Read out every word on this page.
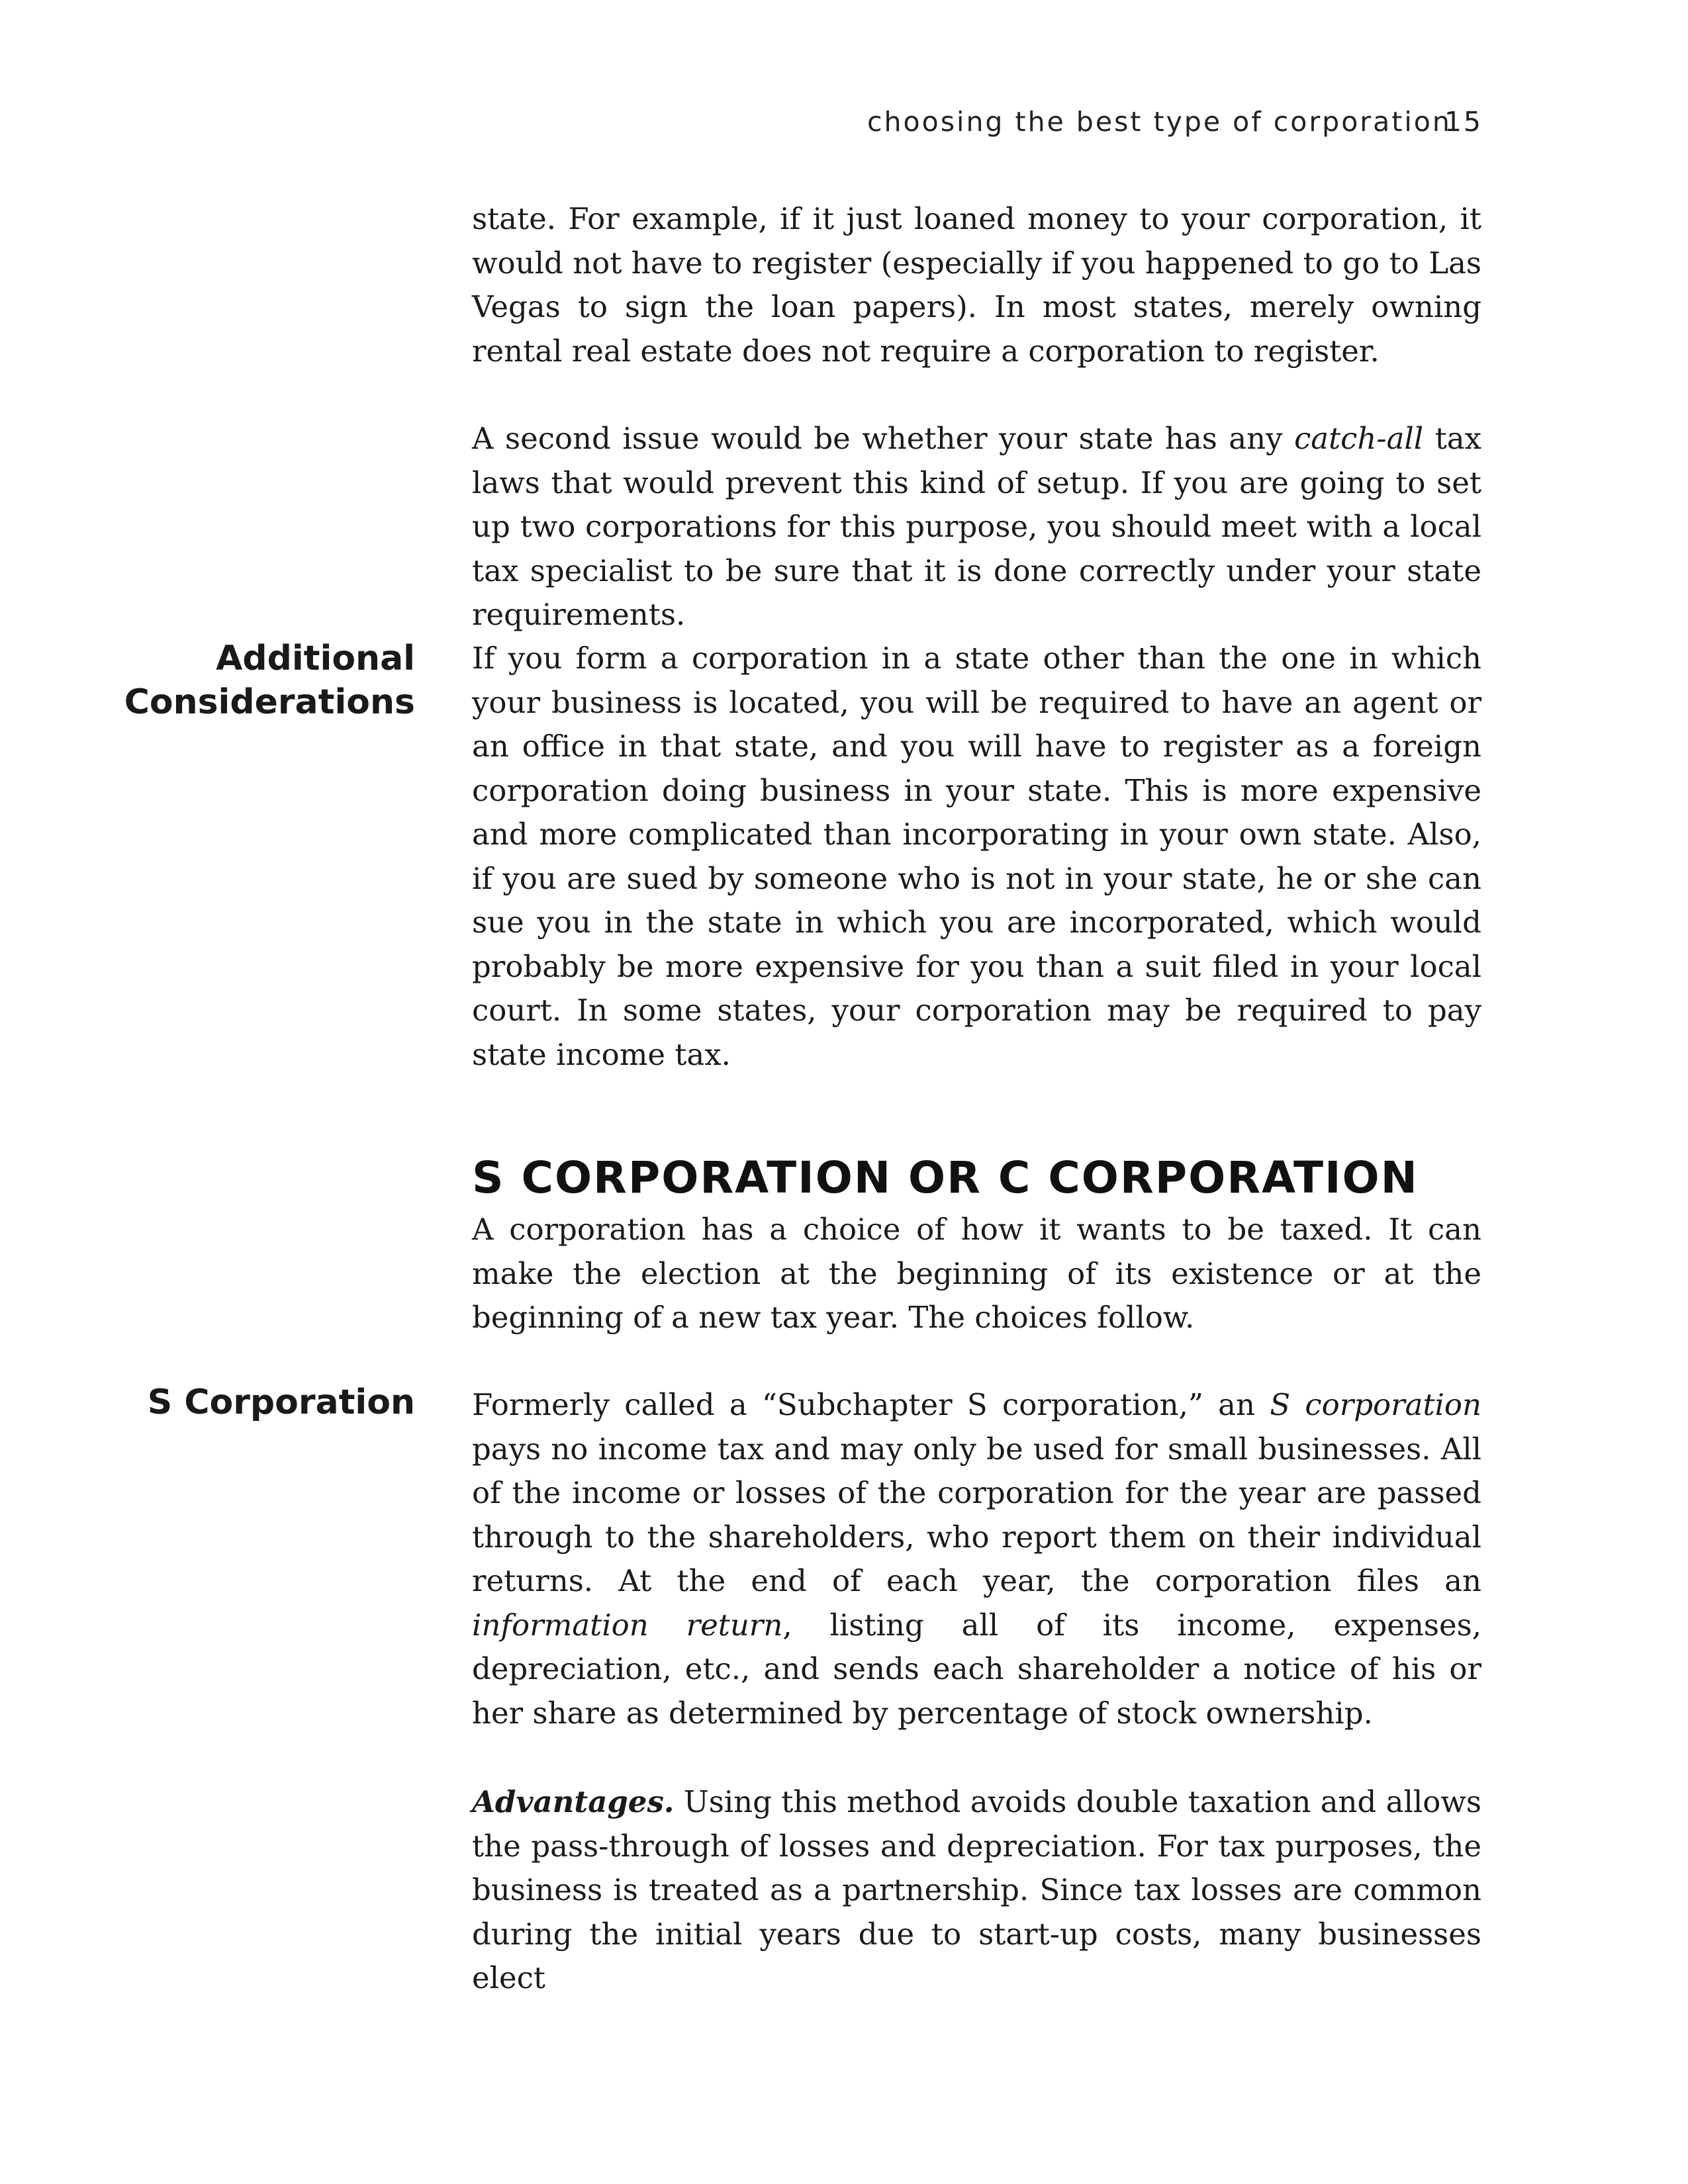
choosing the best type of corporation
15

state. For example, if it just loaned money to your corporation, it would not have to register (especially if you happened to go to Las Vegas to sign the loan papers). In most states, merely owning rental real estate does not require a corporation to register.

A second issue would be whether your state has any catch-all tax laws that would prevent this kind of setup. If you are going to set up two corporations for this purpose, you should meet with a local tax specialist to be sure that it is done correctly under your state requirements.

Additional
Considerations

If you form a corporation in a state other than the one in which your business is located, you will be required to have an agent or an office in that state, and you will have to register as a foreign corporation doing business in your state. This is more expensive and more complicated than incorporating in your own state. Also, if you are sued by someone who is not in your state, he or she can sue you in the state in which you are incorporated, which would probably be more expensive for you than a suit filed in your local court. In some states, your corporation may be required to pay state income tax.

S CORPORATION OR C CORPORATION

A corporation has a choice of how it wants to be taxed. It can make the election at the beginning of its existence or at the beginning of a new tax year. The choices follow.

S Corporation Formerly called a “Subchapter S corporation,” an S corporation pays no income tax and may only be used for small businesses. All of the income or losses of the corporation for the year are passed through to the shareholders, who report them on their individual returns. At the end of each year, the corporation files an information return, listing all of its income, expenses, depreciation, etc., and sends each shareholder a notice of his or her share as determined by percentage of stock ownership.

Advantages. Using this method avoids double taxation and allows the pass-through of losses and depreciation. For tax purposes, the business is treated as a partnership. Since tax losses are common during the initial years due to start-up costs, many businesses elect
